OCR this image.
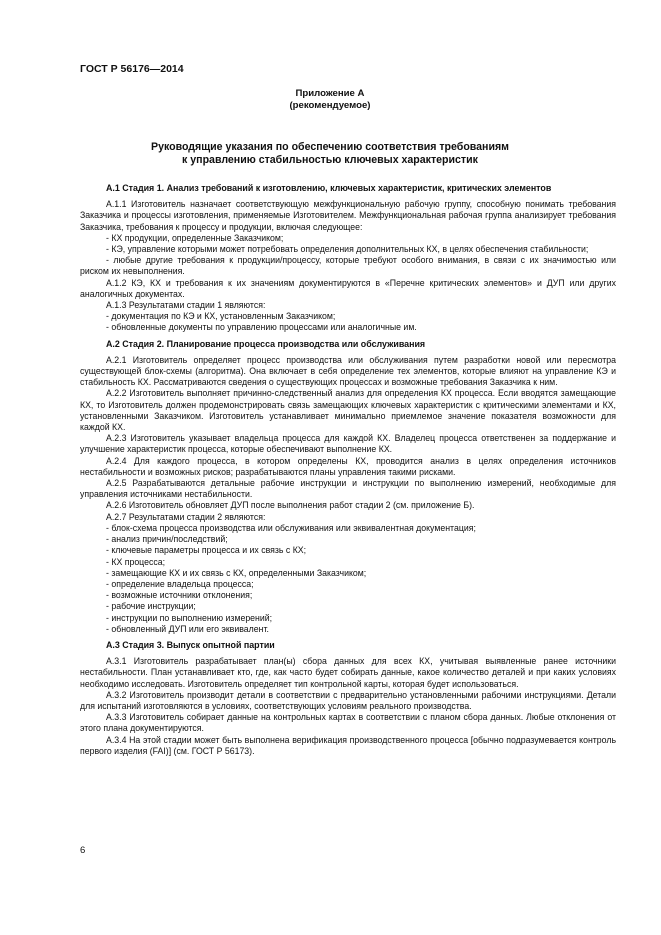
ГОСТ Р 56176—2014
Приложение А
(рекомендуемое)
Руководящие указания по обеспечению соответствия требованиям
к управлению стабильностью ключевых характеристик
А.1 Стадия 1. Анализ требований к изготовлению, ключевых характеристик, критических элементов

А.1.1 Изготовитель назначает соответствующую межфункциональную рабочую группу, способную понимать требования Заказчика и процессы изготовления, применяемые Изготовителем. Межфункциональная рабочая группа анализирует требования Заказчика, требования к процессу и продукции, включая следующее:

- КХ продукции, определенные Заказчиком;

- КЭ, управление которыми может потребовать определения дополнительных КХ, в целях обеспечения стабильности;

- любые другие требования к продукции/процессу, которые требуют особого внимания, в связи с их значимостью или риском их невыполнения.

А.1.2 КЭ, КХ и требования к их значениям документируются в «Перечне критических элементов» и ДУП или других аналогичных документах.

А.1.3 Результатами стадии 1 являются:

- документация по КЭ и КХ, установленным Заказчиком;

- обновленные документы по управлению процессами или аналогичные им.

А.2 Стадия 2. Планирование процесса производства или обслуживания

А.2.1 Изготовитель определяет процесс производства или обслуживания путем разработки новой или пересмотра существующей блок-схемы (алгоритма). Она включает в себя определение тех элементов, которые влияют на управление КЭ и стабильность КХ. Рассматриваются сведения о существующих процессах и возможные требования Заказчика к ним.

А.2.2 Изготовитель выполняет причинно-следственный анализ для определения КХ процесса. Если вводятся замещающие КХ, то Изготовитель должен продемонстрировать связь замещающих ключевых характеристик с критическими элементами и КХ, установленными Заказчиком. Изготовитель устанавливает минимально приемлемое значение показателя возможности для каждой КХ.

А.2.3 Изготовитель указывает владельца процесса для каждой КХ. Владелец процесса ответственен за поддержание и улучшение характеристик процесса, которые обеспечивают выполнение КХ.

А.2.4 Для каждого процесса, в котором определены КХ, проводится анализ в целях определения источников нестабильности и возможных рисков; разрабатываются планы управления такими рисками.

А.2.5 Разрабатываются детальные рабочие инструкции и инструкции по выполнению измерений, необходимые для управления источниками нестабильности.

А.2.6 Изготовитель обновляет ДУП после выполнения работ стадии 2 (см. приложение Б).

А.2.7 Результатами стадии 2 являются:

- блок-схема процесса производства или обслуживания или эквивалентная документация;

- анализ причин/последствий;

- ключевые параметры процесса и их связь с КХ;

- КХ процесса;

- замещающие КХ и их связь с КХ, определенными Заказчиком;

- определение владельца процесса;

- возможные источники отклонения;

- рабочие инструкции;

- инструкции по выполнению измерений;

- обновленный ДУП или его эквивалент.

А.3 Стадия 3. Выпуск опытной партии

А.3.1 Изготовитель разрабатывает план(ы) сбора данных для всех КХ, учитывая выявленные ранее источники нестабильности. План устанавливает кто, где, как часто будет собирать данные, какое количество деталей и при каких условиях необходимо исследовать. Изготовитель определяет тип контрольной карты, которая будет использоваться.

А.3.2 Изготовитель производит детали в соответствии с предварительно установленными рабочими инструкциями. Детали для испытаний изготовляются в условиях, соответствующих условиям реального производства.

А.3.3 Изготовитель собирает данные на контрольных картах в соответствии с планом сбора данных. Любые отклонения от этого плана документируются.

А.3.4 На этой стадии может быть выполнена верификация производственного процесса [обычно подразумевается контроль первого изделия (FAI)] (см. ГОСТ Р 56173).

6
